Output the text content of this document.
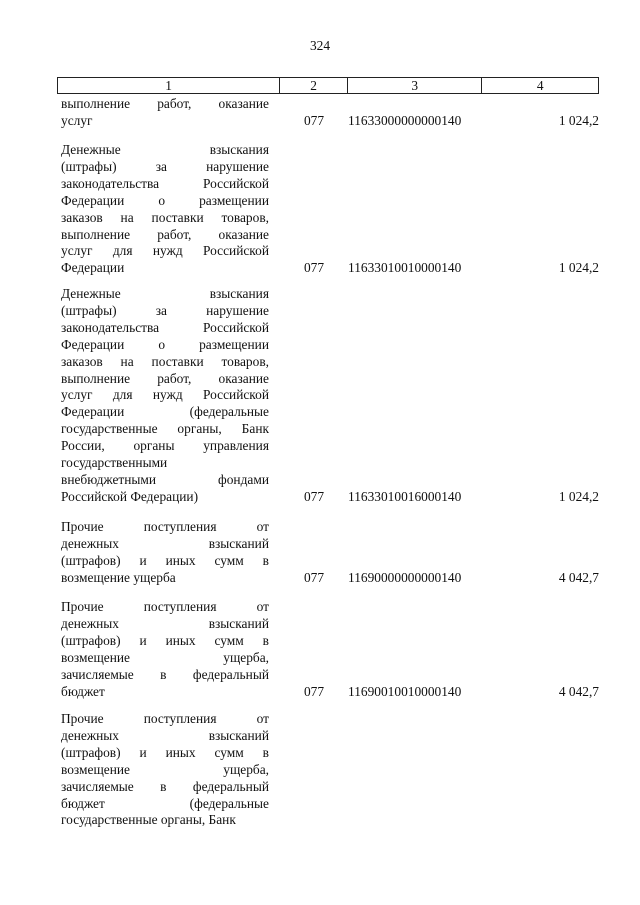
324
1	2	3	4
выполнение работ, оказание
услуг	077	11633000000000140	1 024,2
Денежные взыскания
(штрафы) за нарушение
законодательства Российской
Федерации о размещении
заказов на поставки товаров,
выполнение работ, оказание
услуг для нужд Российской
Федерации	077	11633010010000140	1 024,2
Денежные взыскания
(штрафы) за нарушение
законодательства Российской
Федерации о размещении
заказов на поставки товаров,
выполнение работ, оказание
услуг для нужд Российской
Федерации (федеральные
государственные органы, Банк
России, органы управления
государственными
внебюджетными фондами
Российской Федерации)	077	11633010016000140	1 024,2
Прочие поступления от
денежных взысканий
(штрафов) и иных сумм в
возмещение ущерба	077	11690000000000140	4 042,7
Прочие поступления от
денежных взысканий
(штрафов) и иных сумм в
возмещение ущерба,
зачисляемые в федеральный
бюджет	077	11690010010000140	4 042,7
Прочие поступления от
денежных взысканий
(штрафов) и иных сумм в
возмещение ущерба,
зачисляемые в федеральный
бюджет (федеральные
государственные органы, Банк
